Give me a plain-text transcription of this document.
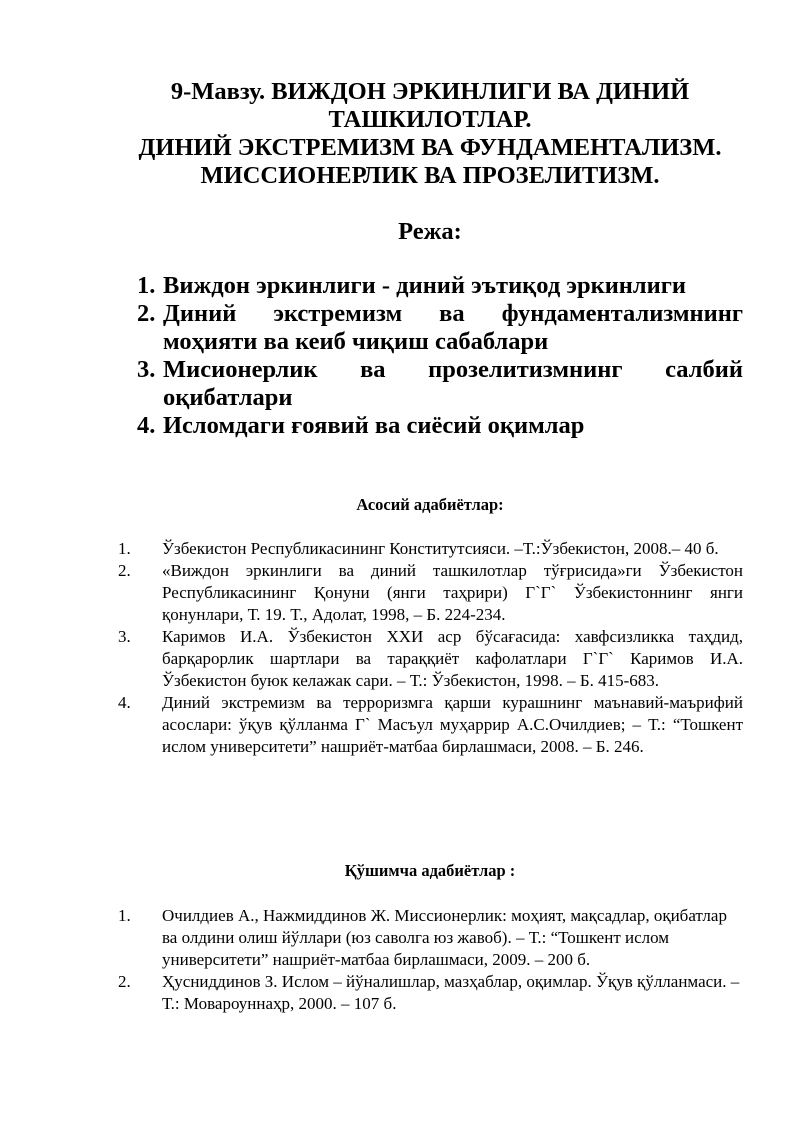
9-Мавзу. ВИЖДОН ЭРКИНЛИГИ ВА ДИНИЙ
ТАШКИЛОТЛАР.
ДИНИЙ ЭКСТРЕМИЗМ ВА ФУНДАМЕНТАЛИЗМ.
МИССИОНЕРЛИК ВА ПРОЗЕЛИТИЗМ.
Режа:
1. Виждон эркинлиги - диний эътиқод эркинлиги
2. Диний экстремизм ва фундаментализмнинг
моҳияти ва кеиб чиқиш сабаблари
3. Мисионерлик ва прозелитизмнинг салбий
оқибатлари
4. Исломдаги ғоявий ва сиёсий оқимлар
Асосий адабиётлар:
1.	Ўзбекистон Республикасининг Конститутсияси. –Т.:Ўзбекистон, 2008.– 40 б.
2.	«Виждон эркинлиги ва диний ташкилотлар тўғрисида»ги Ўзбекистон Республикасининг Қонуни (янги таҳрири) Г`Г` Ўзбекистоннинг янги қонунлари, Т. 19. Т., Адолат, 1998, – Б. 224-234.
3.	Каримов И.А. Ўзбекистон ХХИ аср бўсағасида: хавфсизликка таҳдид, барқарорлик шартлари ва тараққиёт кафолатлари Г`Г` Каримов И.А. Ўзбекистон буюк келажак сари. – Т.: Ўзбекистон, 1998. – Б. 415-683.
4.	Диний экстремизм ва терроризмга қарши курашнинг маънавий-маърифий асослари: ўқув қўлланма Г` Масъул муҳаррир А.С.Очилдиев; – Т.: “Тошкент ислом университети” нашриёт-матбаа бирлашмаси, 2008. – Б. 246.
Қўшимча адабиётлар :
1.	Очилдиев А., Нажмиддинов Ж. Миссионерлик: моҳият, мақсадлар, оқибатлар ва олдини олиш йўллари (юз саволга юз жавоб). – Т.: “Тошкент ислом университети” нашриёт-матбаа бирлашмаси, 2009. – 200 б.
2.	Ҳусниддинов З. Ислом – йўналишлар, мазҳаблар, оқимлар. Ўқув қўлланмаси. – Т.: Мовароуннаҳр, 2000. – 107 б.
